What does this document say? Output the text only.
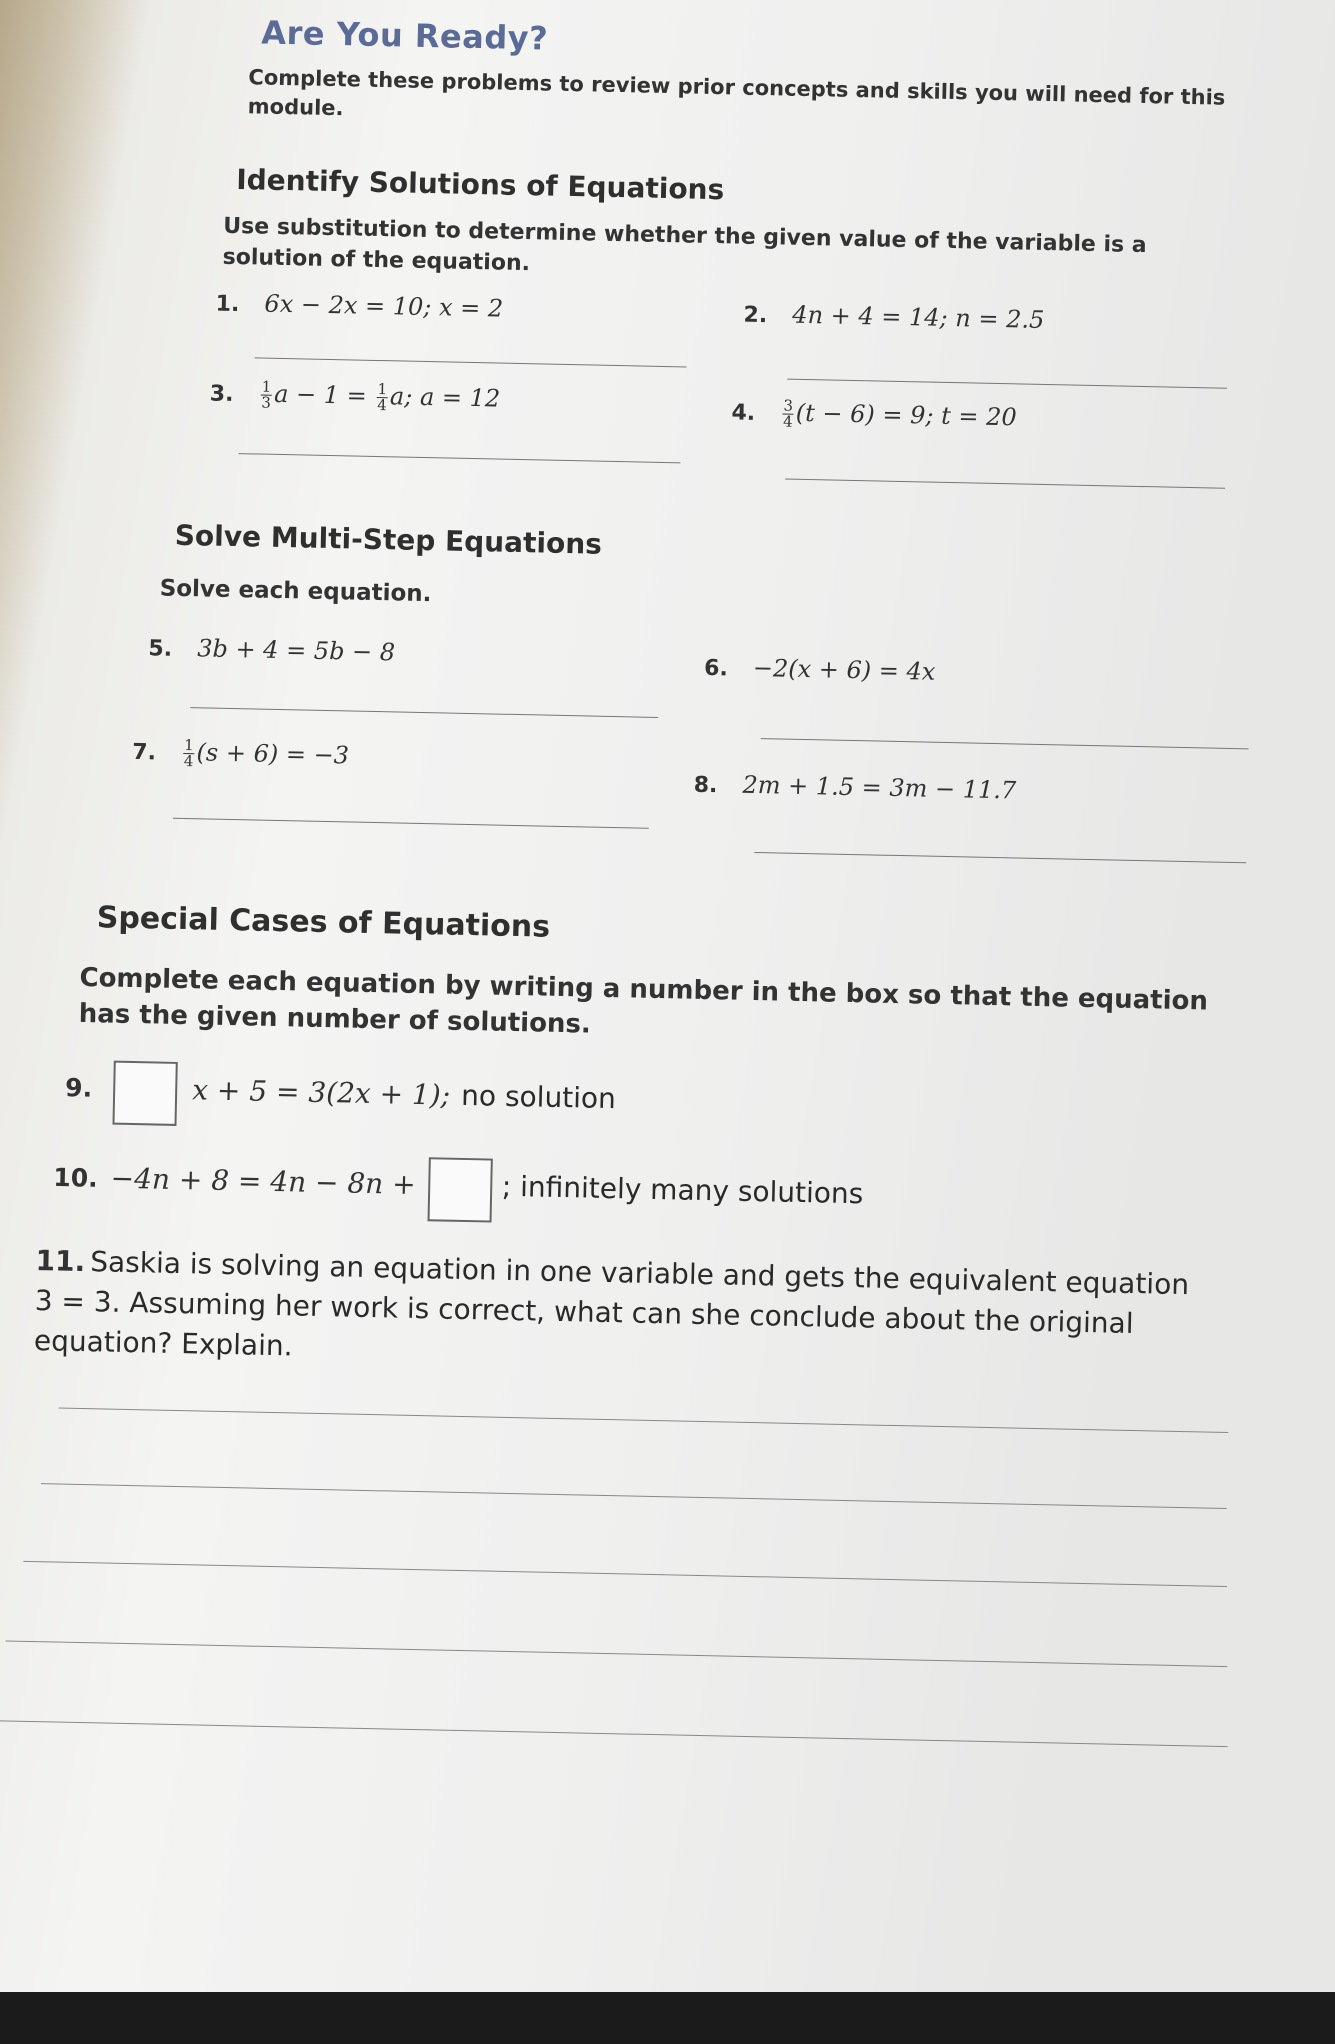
Are You Ready?
Complete these problems to review prior concepts and skills you will need for this module.
Identify Solutions of Equations
Use substitution to determine whether the given value of the variable is a solution of the equation.
1. 6x − 2x = 10; x = 2	2. 4n + 4 = 14; n = 2.5
3. $\frac{1}{3}$ $a - 1 = \frac{1}{4} a$; a = 12
4. $\frac{3}{4} (t - 6) = 9$; t = 20
Solve Multi-Step Equations
Solve each equation.
5. 3b + 4 = 5b − 8
6. −2(x + 6) = 4x
7. $\frac{1}{4} (s + 6) = -3$
8. 2m + 1.5 = 3m − 11.7
Special Cases of Equations
Complete each equation by writing a number in the box so that the equation has the given number of solutions.
9.	x + 5 = 3(2x + 1); no solution
10. −4n + 8 = 4n − 8n +	; infinitely many solutions
11. Saskia is solving an equation in one variable and gets the equivalent equation 3 = 3. Assuming her work is correct, what can she conclude about the original equation? Explain.
